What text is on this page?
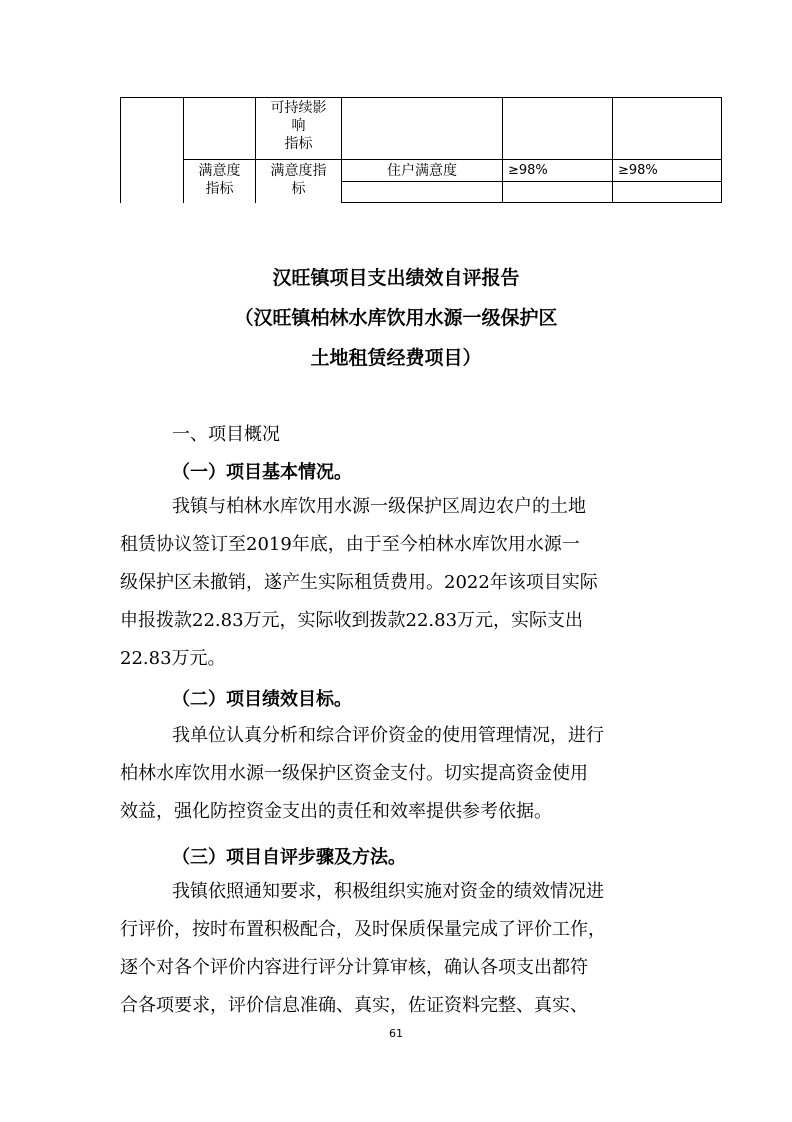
可持续影
响
指标
满意度
指标
满意度指
标
住户满意度	≥98%	≥98%
汉旺镇项目支出绩效自评报告
（汉旺镇柏林水库饮用水源一级保护区
土地租赁经费项目）
一、项目概况
（一）项目基本情况。
我镇与柏林水库饮用水源一级保护区周边农户的土地
租赁协议签订至2019年底，由于至今柏林水库饮用水源一
级保护区未撤销，遂产生实际租赁费用。2022年该项目实际
申报拨款22.83万元，实际收到拨款22.83万元，实际支出
22.83万元。
（二）项目绩效目标。
我单位认真分析和综合评价资金的使用管理情况，进行
柏林水库饮用水源一级保护区资金支付。切实提高资金使用
效益，强化防控资金支出的责任和效率提供参考依据。
（三）项目自评步骤及方法。
我镇依照通知要求，积极组织实施对资金的绩效情况进
行评价，按时布置积极配合，及时保质保量完成了评价工作，
逐个对各个评价内容进行评分计算审核，确认各项支出都符
合各项要求，评价信息准确、真实，佐证资料完整、真实、
61
